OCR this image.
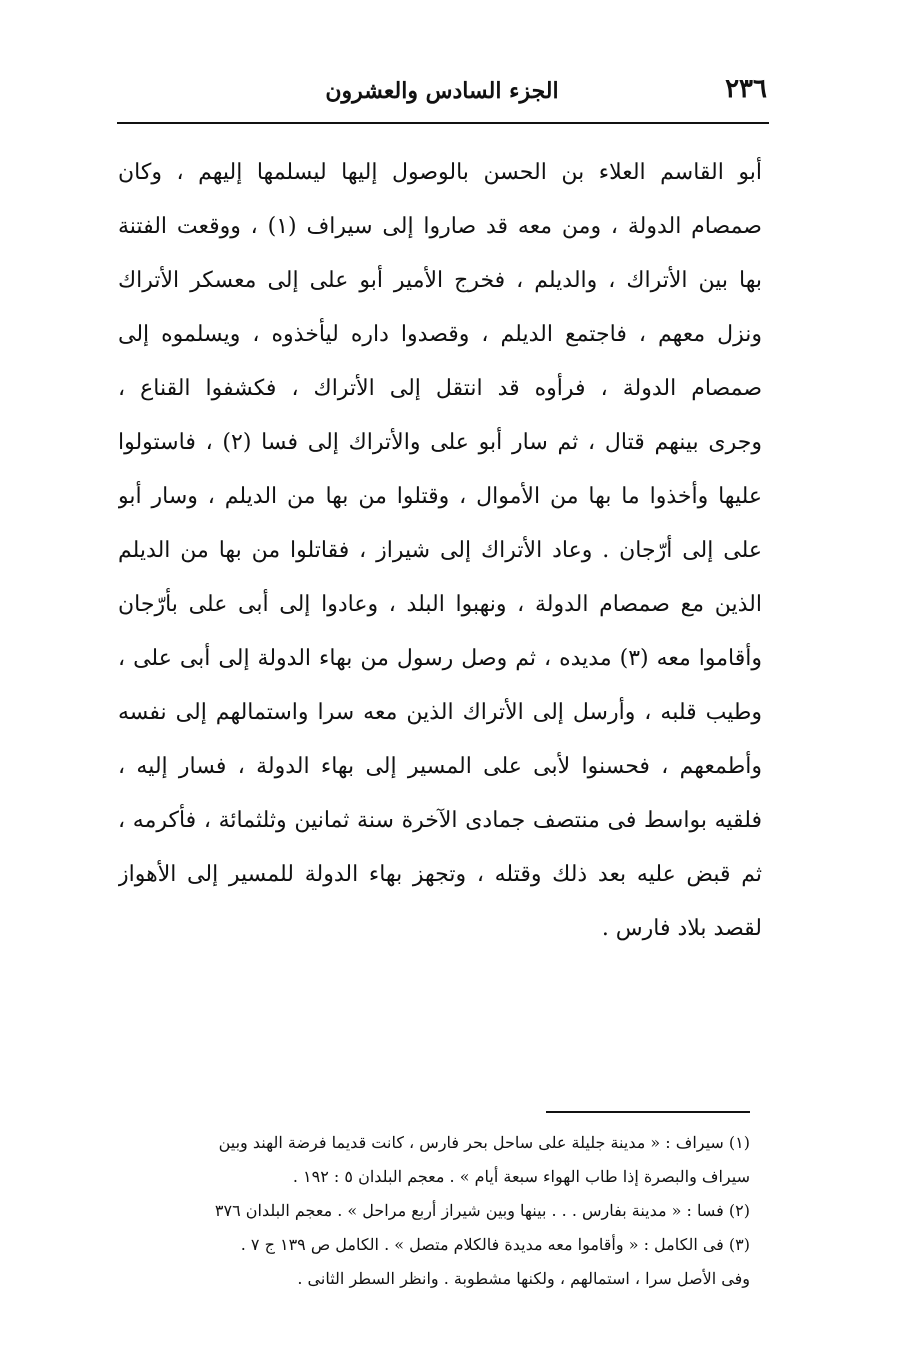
٢٣٦
الجزء السادس والعشرون
أبو القاسم العلاء بن الحسن بالوصول إليها ليسلمها إليهم ، وكان
صمصام الدولة ، ومن معه قد صاروا إلى سيراف (١) ، ووقعت الفتنة
بها بين الأتراك ، والديلم ، فخرج الأمير أبو على إلى معسكر الأتراك
ونزل معهم ، فاجتمع الديلم ، وقصدوا داره ليأخذوه ، ويسلموه إلى
صمصام الدولة ، فرأوه قد انتقل إلى الأتراك ، فكشفوا القناع ،
وجرى بينهم قتال ، ثم سار أبو على والأتراك إلى فسا (٢) ، فاستولوا
عليها وأخذوا ما بها من الأموال ، وقتلوا من بها من الديلم ، وسار أبو
على إلى أرّجان . وعاد الأتراك إلى شيراز ، فقاتلوا من بها من الديلم
الذين مع صمصام الدولة ، ونهبوا البلد ، وعادوا إلى أبى على بأرّجان
وأقاموا معه (٣) مديده ، ثم وصل رسول من بهاء الدولة إلى أبى على ،
وطيب قلبه ، وأرسل إلى الأتراك الذين معه سرا واستمالهم إلى نفسه
وأطمعهم ، فحسنوا لأبى على المسير إلى بهاء الدولة ، فسار إليه ،
فلقيه بواسط فى منتصف جمادى الآخرة سنة ثمانين وثلثمائة ، فأكرمه ،
ثم قبض عليه بعد ذلك وقتله ، وتجهز بهاء الدولة للمسير إلى الأهواز
لقصد بلاد فارس .
(١) سيراف : « مدينة جليلة على ساحل بحر فارس ، كانت قديما فرضة الهند وبين
سيراف والبصرة إذا طاب الهواء سبعة أيام » . معجم البلدان ٥ : ١٩٢ .
(٢) فسا : « مدينة بفارس . . . بينها وبين شيراز أربع مراحل » . معجم البلدان ٣٧٦
(٣) فى الكامل : « وأقاموا معه مديدة فالكلام متصل » . الكامل ص ١٣٩ ج ٧ .
وفى الأصل سرا ، استمالهم ، ولكنها مشطوبة . وانظر السطر الثانى .
